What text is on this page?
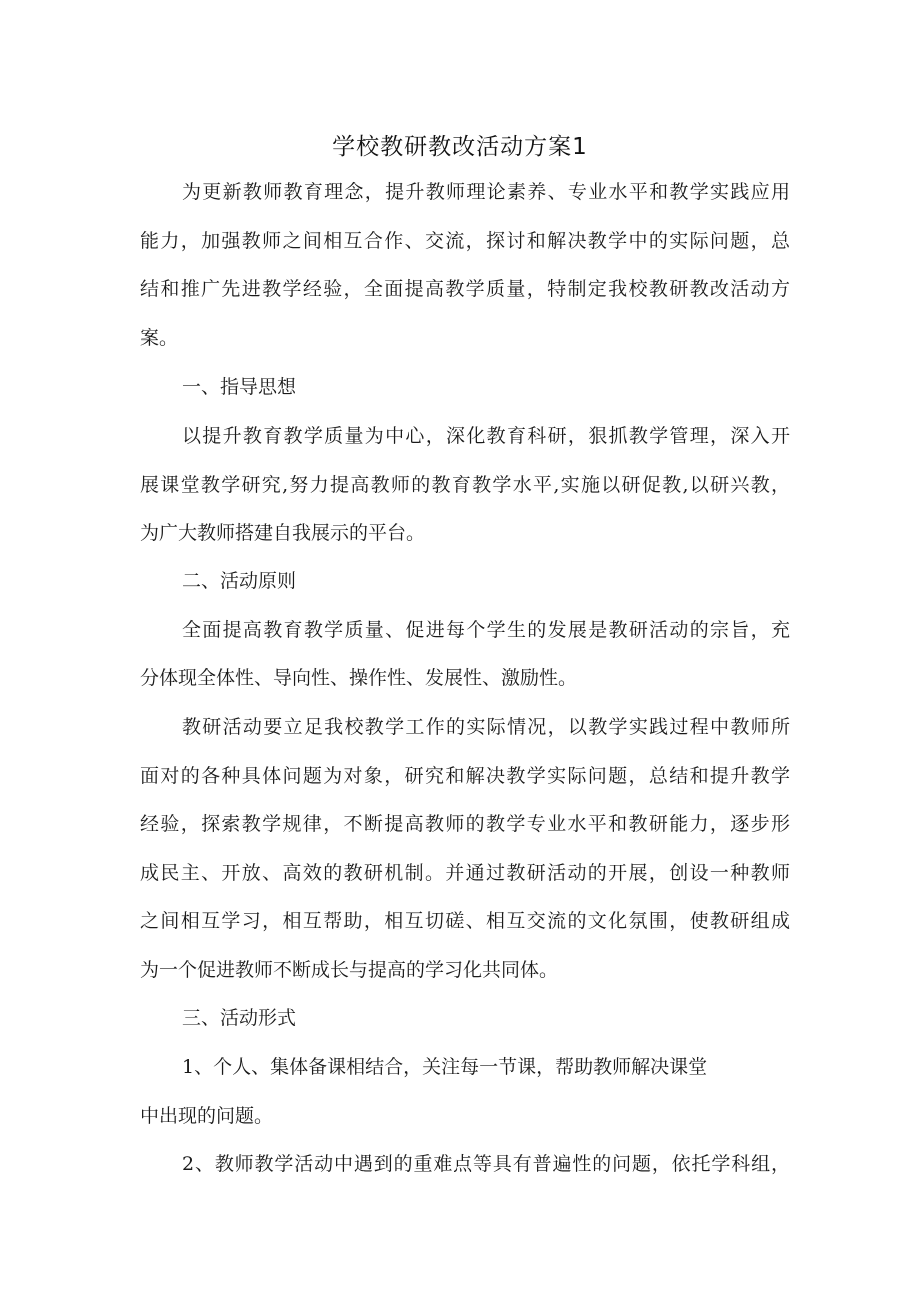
学校教研教改活动方案1
为更新教师教育理念，提升教师理论素养、专业水平和教学实践应用
能力，加强教师之间相互合作、交流，探讨和解决教学中的实际问题，总
结和推广先进教学经验，全面提高教学质量，特制定我校教研教改活动方
案。
一、指导思想
以提升教育教学质量为中心，深化教育科研，狠抓教学管理，深入开
展课堂教学研究,努力提高教师的教育教学水平,实施以研促教,以研兴教，
为广大教师搭建自我展示的平台。
二、活动原则
全面提高教育教学质量、促进每个学生的发展是教研活动的宗旨，充
分体现全体性、导向性、操作性、发展性、激励性。
教研活动要立足我校教学工作的实际情况，以教学实践过程中教师所
面对的各种具体问题为对象，研究和解决教学实际问题，总结和提升教学
经验，探索教学规律，不断提高教师的教学专业水平和教研能力，逐步形
成民主、开放、高效的教研机制。并通过教研活动的开展，创设一种教师
之间相互学习，相互帮助，相互切磋、相互交流的文化氛围，使教研组成
为一个促进教师不断成长与提高的学习化共同体。
三、活动形式
1、个人、集体备课相结合，关注每一节课，帮助教师解决课堂
中出现的问题。
2、教师教学活动中遇到的重难点等具有普遍性的问题，依托学科组，
